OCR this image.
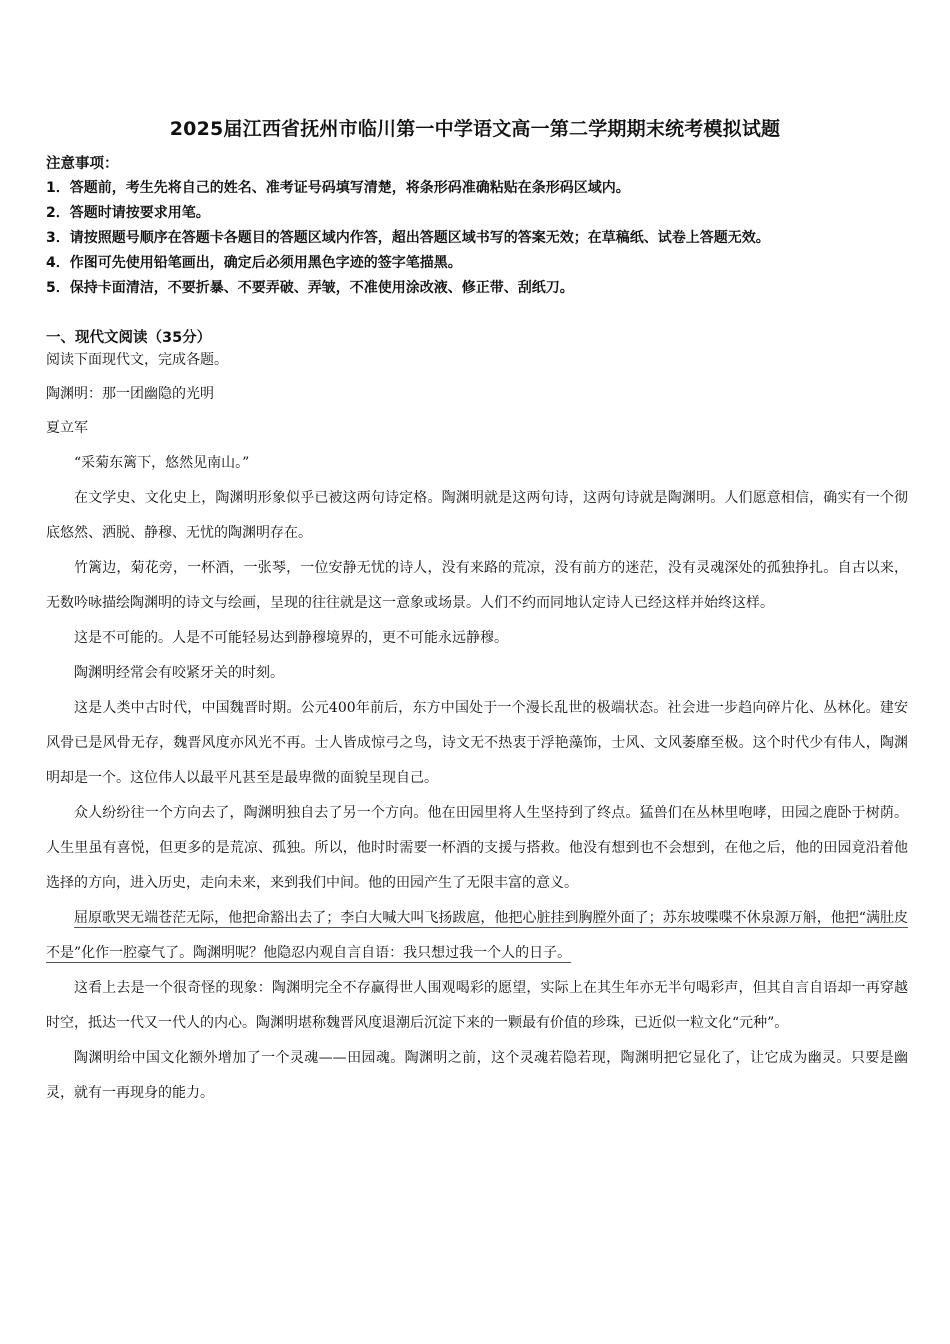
2025届江西省抚州市临川第一中学语文高一第二学期期末统考模拟试题
注意事项：
1．答题前，考生先将自己的姓名、准考证号码填写清楚，将条形码准确粘贴在条形码区域内。
2．答题时请按要求用笔。
3．请按照题号顺序在答题卡各题目的答题区域内作答，超出答题区域书写的答案无效；在草稿纸、试卷上答题无效。
4．作图可先使用铅笔画出，确定后必须用黑色字迹的签字笔描黑。
5．保持卡面清洁，不要折暴、不要弄破、弄皱，不准使用涂改液、修正带、刮纸刀。
一、现代文阅读（35分）
阅读下面现代文，完成各题。
陶渊明：那一团幽隐的光明
夏立军

“采菊东篱下，悠然见南山。”

在文学史、文化史上，陶渊明形象似乎已被这两句诗定格。陶渊明就是这两句诗，这两句诗就是陶渊明。人们愿意相信，确实有一个彻底悠然、洒脱、静穆、无忧的陶渊明存在。

竹篱边，菊花旁，一杯酒，一张琴，一位安静无忧的诗人，没有来路的荒凉，没有前方的迷茫，没有灵魂深处的孤独挣扎。自古以来，无数吟咏描绘陶渊明的诗文与绘画，呈现的往往就是这一意象或场景。人们不约而同地认定诗人已经这样并始终这样。

这是不可能的。人是不可能轻易达到静穆境界的，更不可能永远静穆。

陶渊明经常会有咬紧牙关的时刻。

这是人类中古时代，中国魏晋时期。公元400年前后，东方中国处于一个漫长乱世的极端状态。社会进一步趋向碎片化、丛林化。建安风骨已是风骨无存，魏晋风度亦风光不再。士人皆成惊弓之鸟，诗文无不热衷于浮艳藻饰，士风、文风萎靡至极。这个时代少有伟人，陶渊明却是一个。这位伟人以最平凡甚至是最卑微的面貌呈现自己。

众人纷纷往一个方向去了，陶渊明独自去了另一个方向。他在田园里将人生坚持到了终点。猛兽们在丛林里咆哮，田园之鹿卧于树荫。人生里虽有喜悦，但更多的是荒凉、孤独。所以，他时时需要一杯酒的支援与搭救。他没有想到也不会想到，在他之后，他的田园竟沿着他选择的方向，进入历史，走向未来，来到我们中间。他的田园产生了无限丰富的意义。

屈原歌哭无端苍茫无际，他把命豁出去了；李白大喊大叫飞扬跋扈，他把心脏挂到胸膛外面了；苏东坡喋喋不休泉源万斛，他把“满肚皮不是”化作一腔豪气了。陶渊明呢？他隐忍内观自言自语：我只想过我一个人的日子。

这看上去是一个很奇怪的现象：陶渊明完全不存赢得世人围观喝彩的愿望，实际上在其生年亦无半句喝彩声，但其自言自语却一再穿越时空，抵达一代又一代人的内心。陶渊明堪称魏晋风度退潮后沉淀下来的一颗最有价值的珍珠，已近似一粒文化“元种”。

陶渊明给中国文化额外增加了一个灵魂——田园魂。陶渊明之前，这个灵魂若隐若现，陶渊明把它显化了，让它成为幽灵。只要是幽灵，就有一再现身的能力。
